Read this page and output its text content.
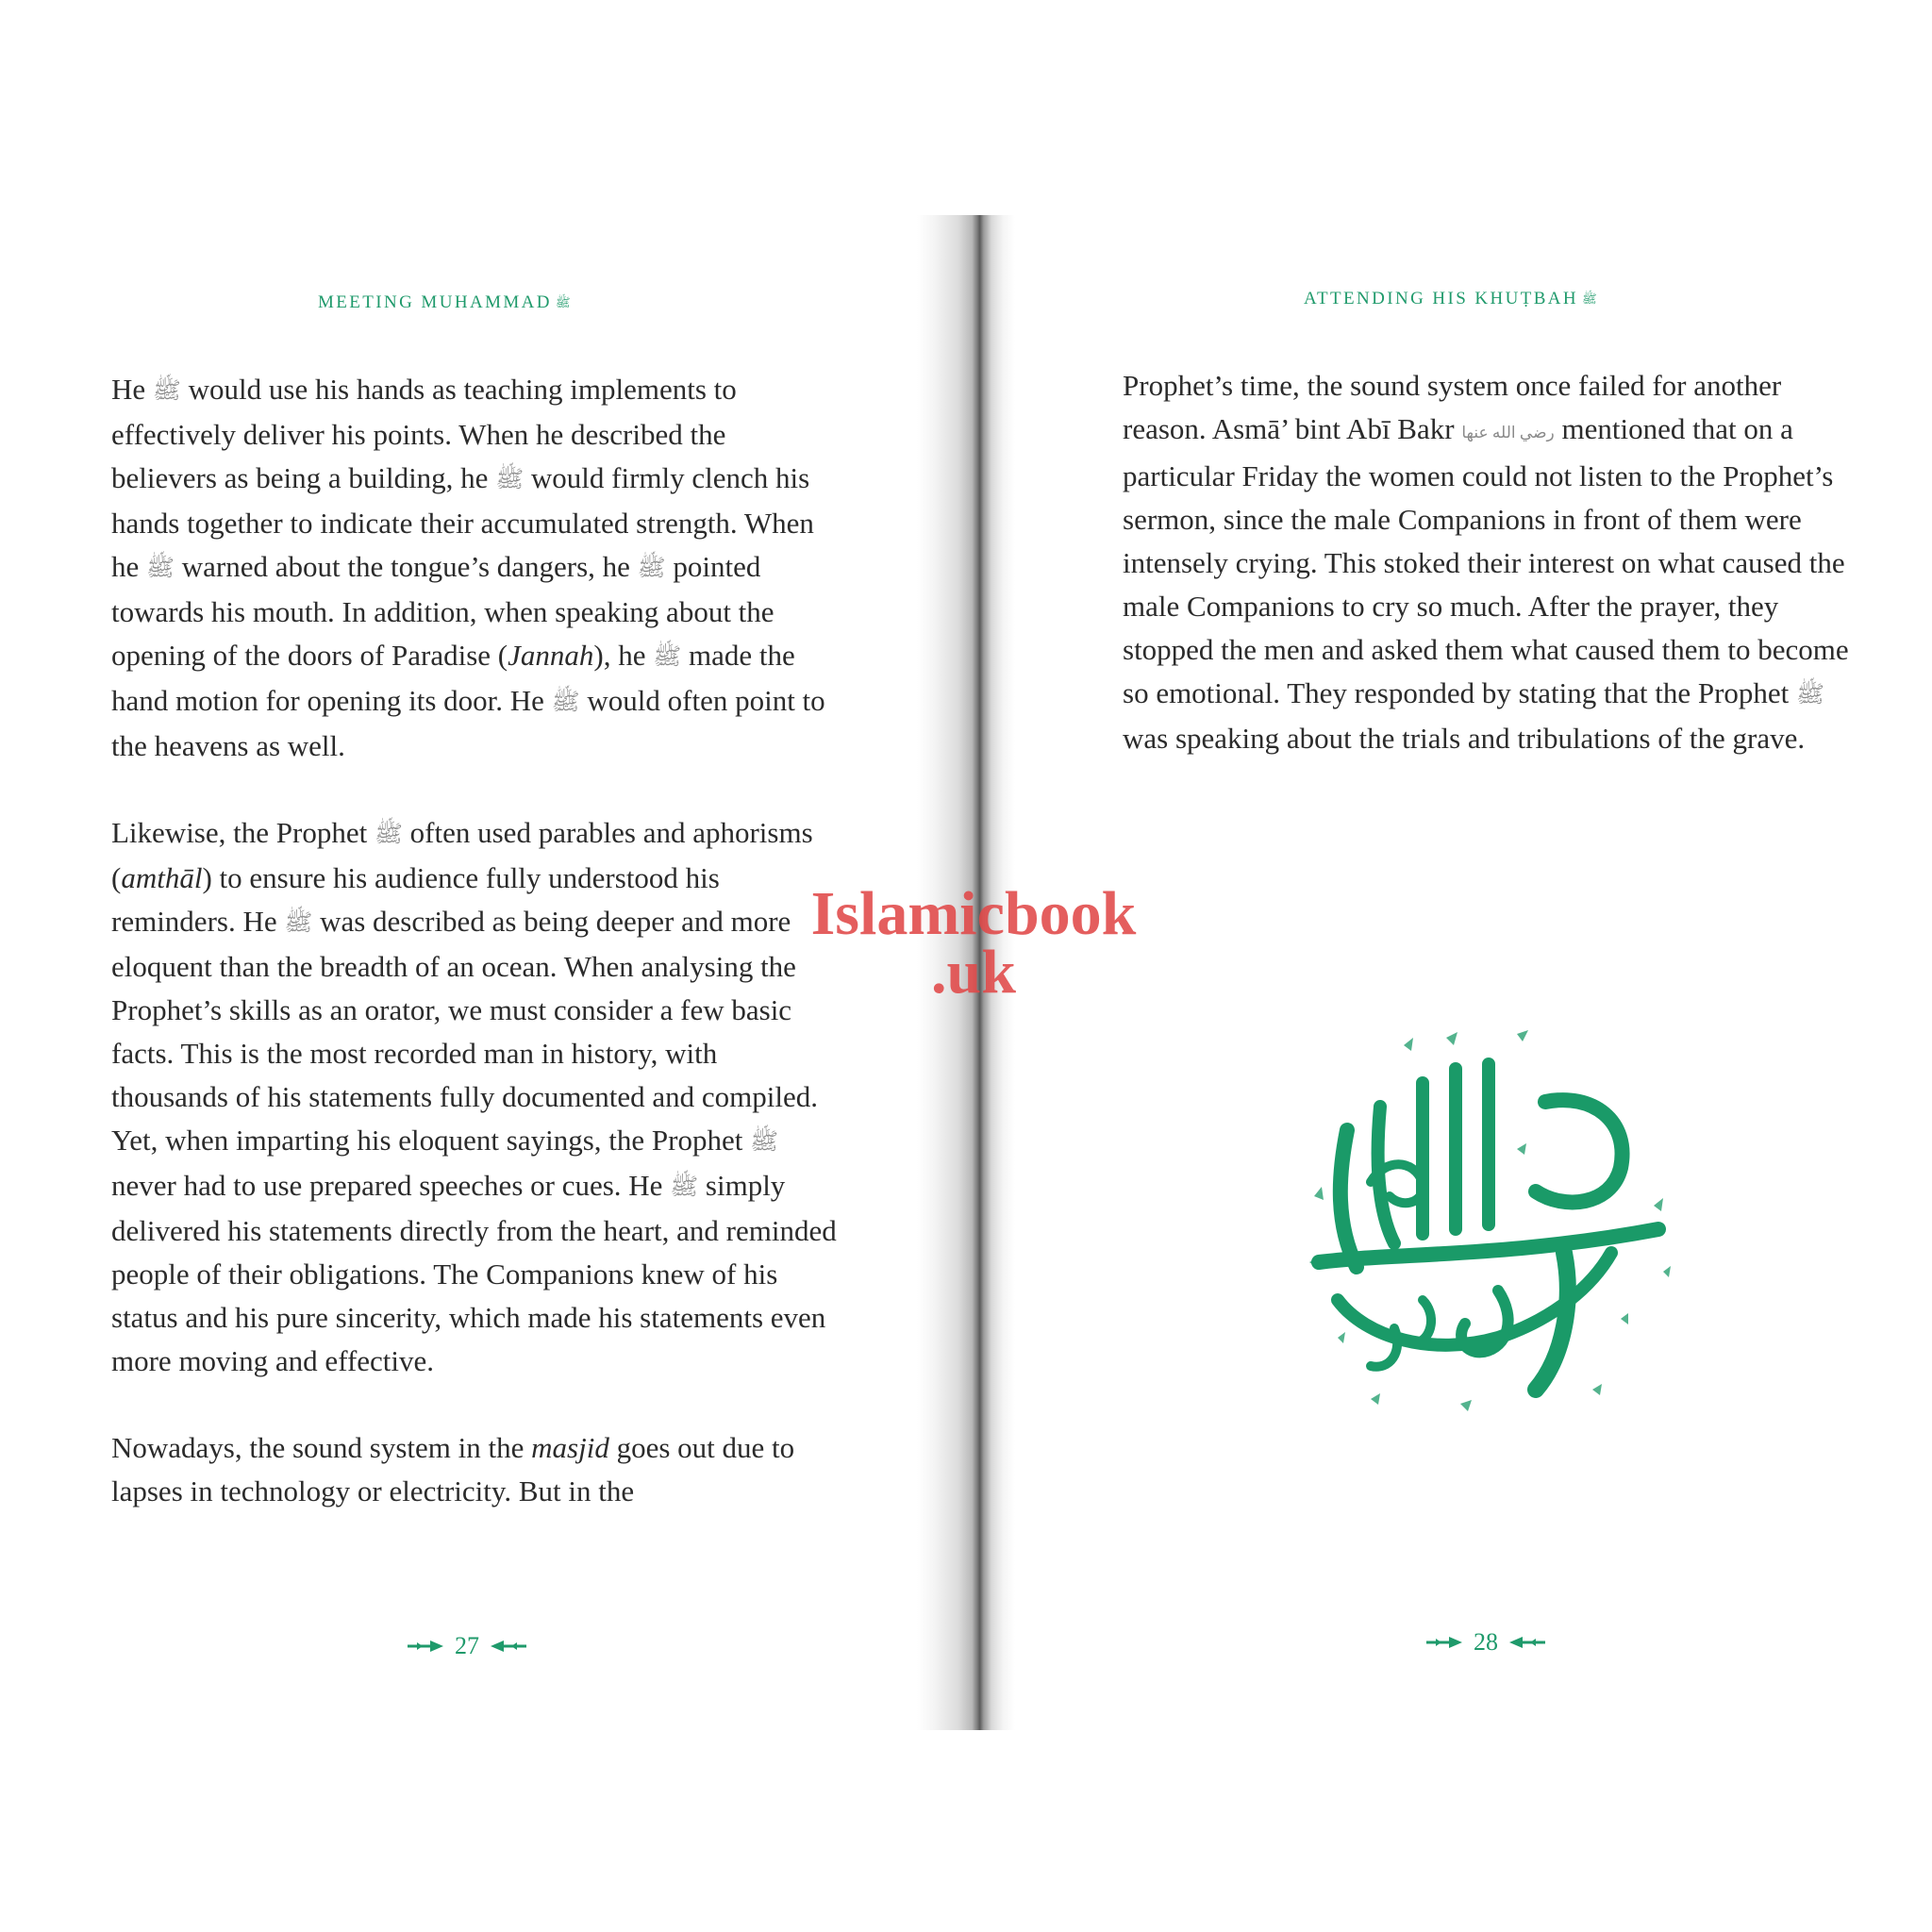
MEETING MUHAMMAD ﷺ

He ﷺ would use his hands as teaching implements to effectively deliver his points. When he described the believers as being a building, he ﷺ would firmly clench his hands together to indicate their accumulated strength. When he ﷺ warned about the tongue’s dangers, he ﷺ pointed towards his mouth. In addition, when speaking about the opening of the doors of Paradise (Jannah), he ﷺ made the hand motion for opening its door. He ﷺ would often point to the heavens as well.

Likewise, the Prophet ﷺ often used parables and aphorisms (amthāl) to ensure his audience fully understood his reminders. He ﷺ was described as being deeper and more eloquent than the breadth of an ocean. When analysing the Prophet’s skills as an orator, we must consider a few basic facts. This is the most recorded man in history, with thousands of his statements fully documented and compiled. Yet, when imparting his eloquent sayings, the Prophet ﷺ never had to use prepared speeches or cues. He ﷺ simply delivered his statements directly from the heart, and reminded people of their obligations. The Companions knew of his status and his pure sincerity, which made his statements even more moving and effective.

Nowadays, the sound system in the masjid goes out due to lapses in technology or electricity. But in the

27
ATTENDING HIS KHUṬBAH ﷺ

Prophet’s time, the sound system once failed for another reason. Asmā’ bint Abī Bakr رضي الله عنها mentioned that on a particular Friday the women could not listen to the Prophet’s sermon, since the male Companions in front of them were intensely crying. This stoked their interest on what caused the male Companions to cry so much. After the prayer, they stopped the men and asked them what caused them to become so emotional. They responded by stating that the Prophet ﷺ was speaking about the trials and tribulations of the grave.

28
Islamicbook
.uk
